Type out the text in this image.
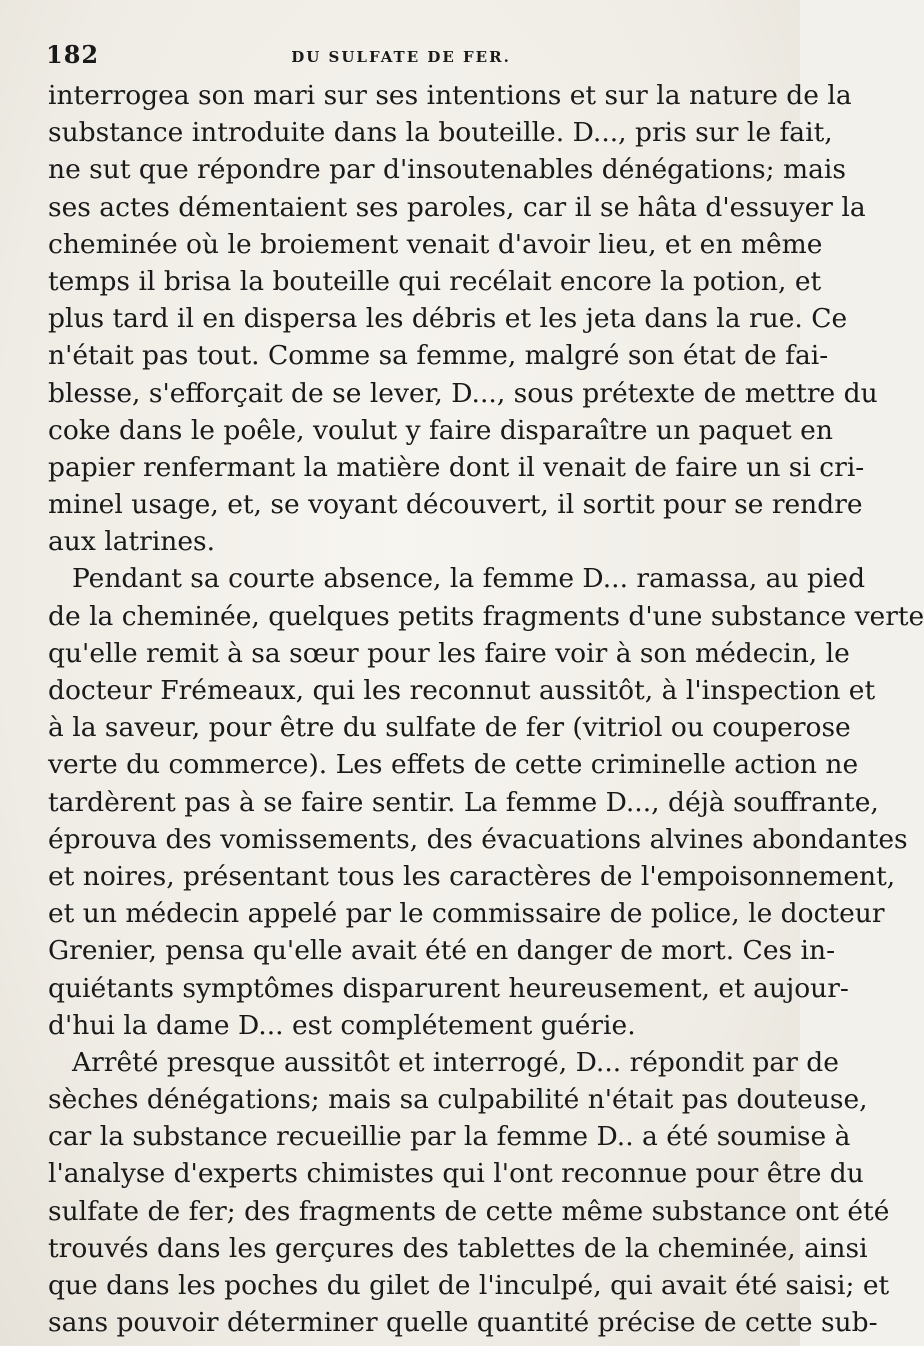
182	DU SULFATE DE FER.
interrogea son mari sur ses intentions et sur la nature de la
substance introduite dans la bouteille. D..., pris sur le fait,
ne sut que répondre par d'insoutenables dénégations; mais
ses actes démentaient ses paroles, car il se hâta d'essuyer la
cheminée où le broiement venait d'avoir lieu, et en même
temps il brisa la bouteille qui recélait encore la potion, et
plus tard il en dispersa les débris et les jeta dans la rue. Ce
n'était pas tout. Comme sa femme, malgré son état de fai-
blesse, s'efforçait de se lever, D..., sous prétexte de mettre du
coke dans le poêle, voulut y faire disparaître un paquet en
papier renfermant la matière dont il venait de faire un si cri-
minel usage, et, se voyant découvert, il sortit pour se rendre
aux latrines.
Pendant sa courte absence, la femme D... ramassa, au pied
de la cheminée, quelques petits fragments d'une substance verte
qu'elle remit à sa sœur pour les faire voir à son médecin, le
docteur Frémeaux, qui les reconnut aussitôt, à l'inspection et
à la saveur, pour être du sulfate de fer (vitriol ou couperose
verte du commerce). Les effets de cette criminelle action ne
tardèrent pas à se faire sentir. La femme D..., déjà souffrante,
éprouva des vomissements, des évacuations alvines abondantes
et noires, présentant tous les caractères de l'empoisonnement,
et un médecin appelé par le commissaire de police, le docteur
Grenier, pensa qu'elle avait été en danger de mort. Ces in-
quiétants symptômes disparurent heureusement, et aujour-
d'hui la dame D... est complétement guérie.
Arrêté presque aussitôt et interrogé, D... répondit par de
sèches dénégations; mais sa culpabilité n'était pas douteuse,
car la substance recueillie par la femme D.. a été soumise à
l'analyse d'experts chimistes qui l'ont reconnue pour être du
sulfate de fer; des fragments de cette même substance ont été
trouvés dans les gerçures des tablettes de la cheminée, ainsi
que dans les poches du gilet de l'inculpé, qui avait été saisi; et
sans pouvoir déterminer quelle quantité précise de cette sub-
